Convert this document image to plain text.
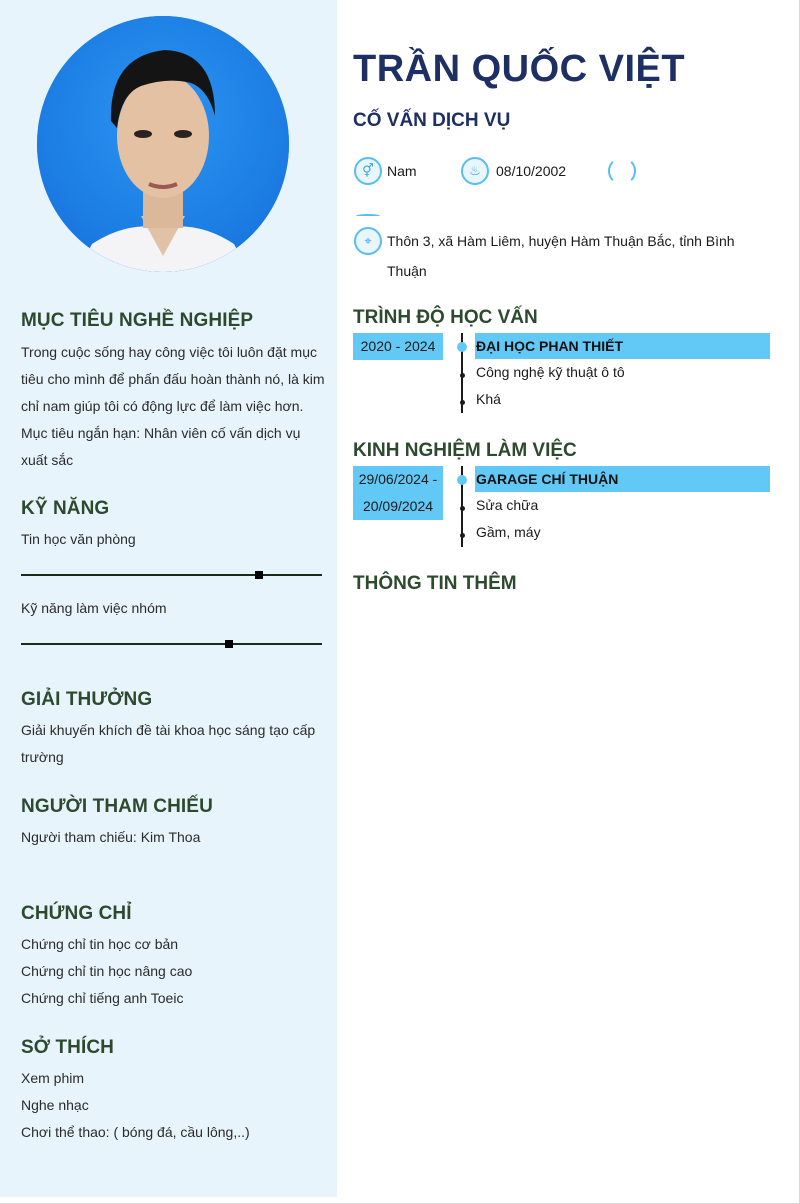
MỤC TIÊU NGHỀ NGHIỆP
Trong cuộc sống hay công việc tôi luôn đặt mục
tiêu cho mình để phấn đấu hoàn thành nó, là kim
chỉ nam giúp tôi có động lực để làm việc hơn.
Mục tiêu ngắn hạn: Nhân viên cố vấn dịch vụ
xuất sắc
KỸ NĂNG
Tin học văn phòng
Kỹ năng làm việc nhóm
GIẢI THƯỞNG
Giải khuyến khích đề tài khoa học sáng tạo cấp
trường
NGƯỜI THAM CHIẾU
Người tham chiếu: Kim Thoa
CHỨNG CHỈ
Chứng chỉ tin học cơ bản
Chứng chỉ tin học nâng cao
Chứng chỉ tiếng anh Toeic
SỞ THÍCH
Xem phim
Nghe nhạc
Chơi thể thao: ( bóng đá, cầu lông,..)
TRẦN QUỐC VIỆT
CỐ VẤN DỊCH VỤ
⚥ Nam	♨	08/10/2002
⌖	Thôn 3, xã Hàm Liêm, huyện Hàm Thuận Bắc, tỉnh Bình
Thuận
TRÌNH ĐỘ HỌC VẤN
2020 - 2024	ĐẠI HỌC PHAN THIẾT
Công nghệ kỹ thuật ô tô
Khá
KINH NGHIỆM LÀM VIỆC
29/06/2024 -
20/09/2024
GARAGE CHÍ THUẬN
Sửa chữa
Gầm, máy
THÔNG TIN THÊM
